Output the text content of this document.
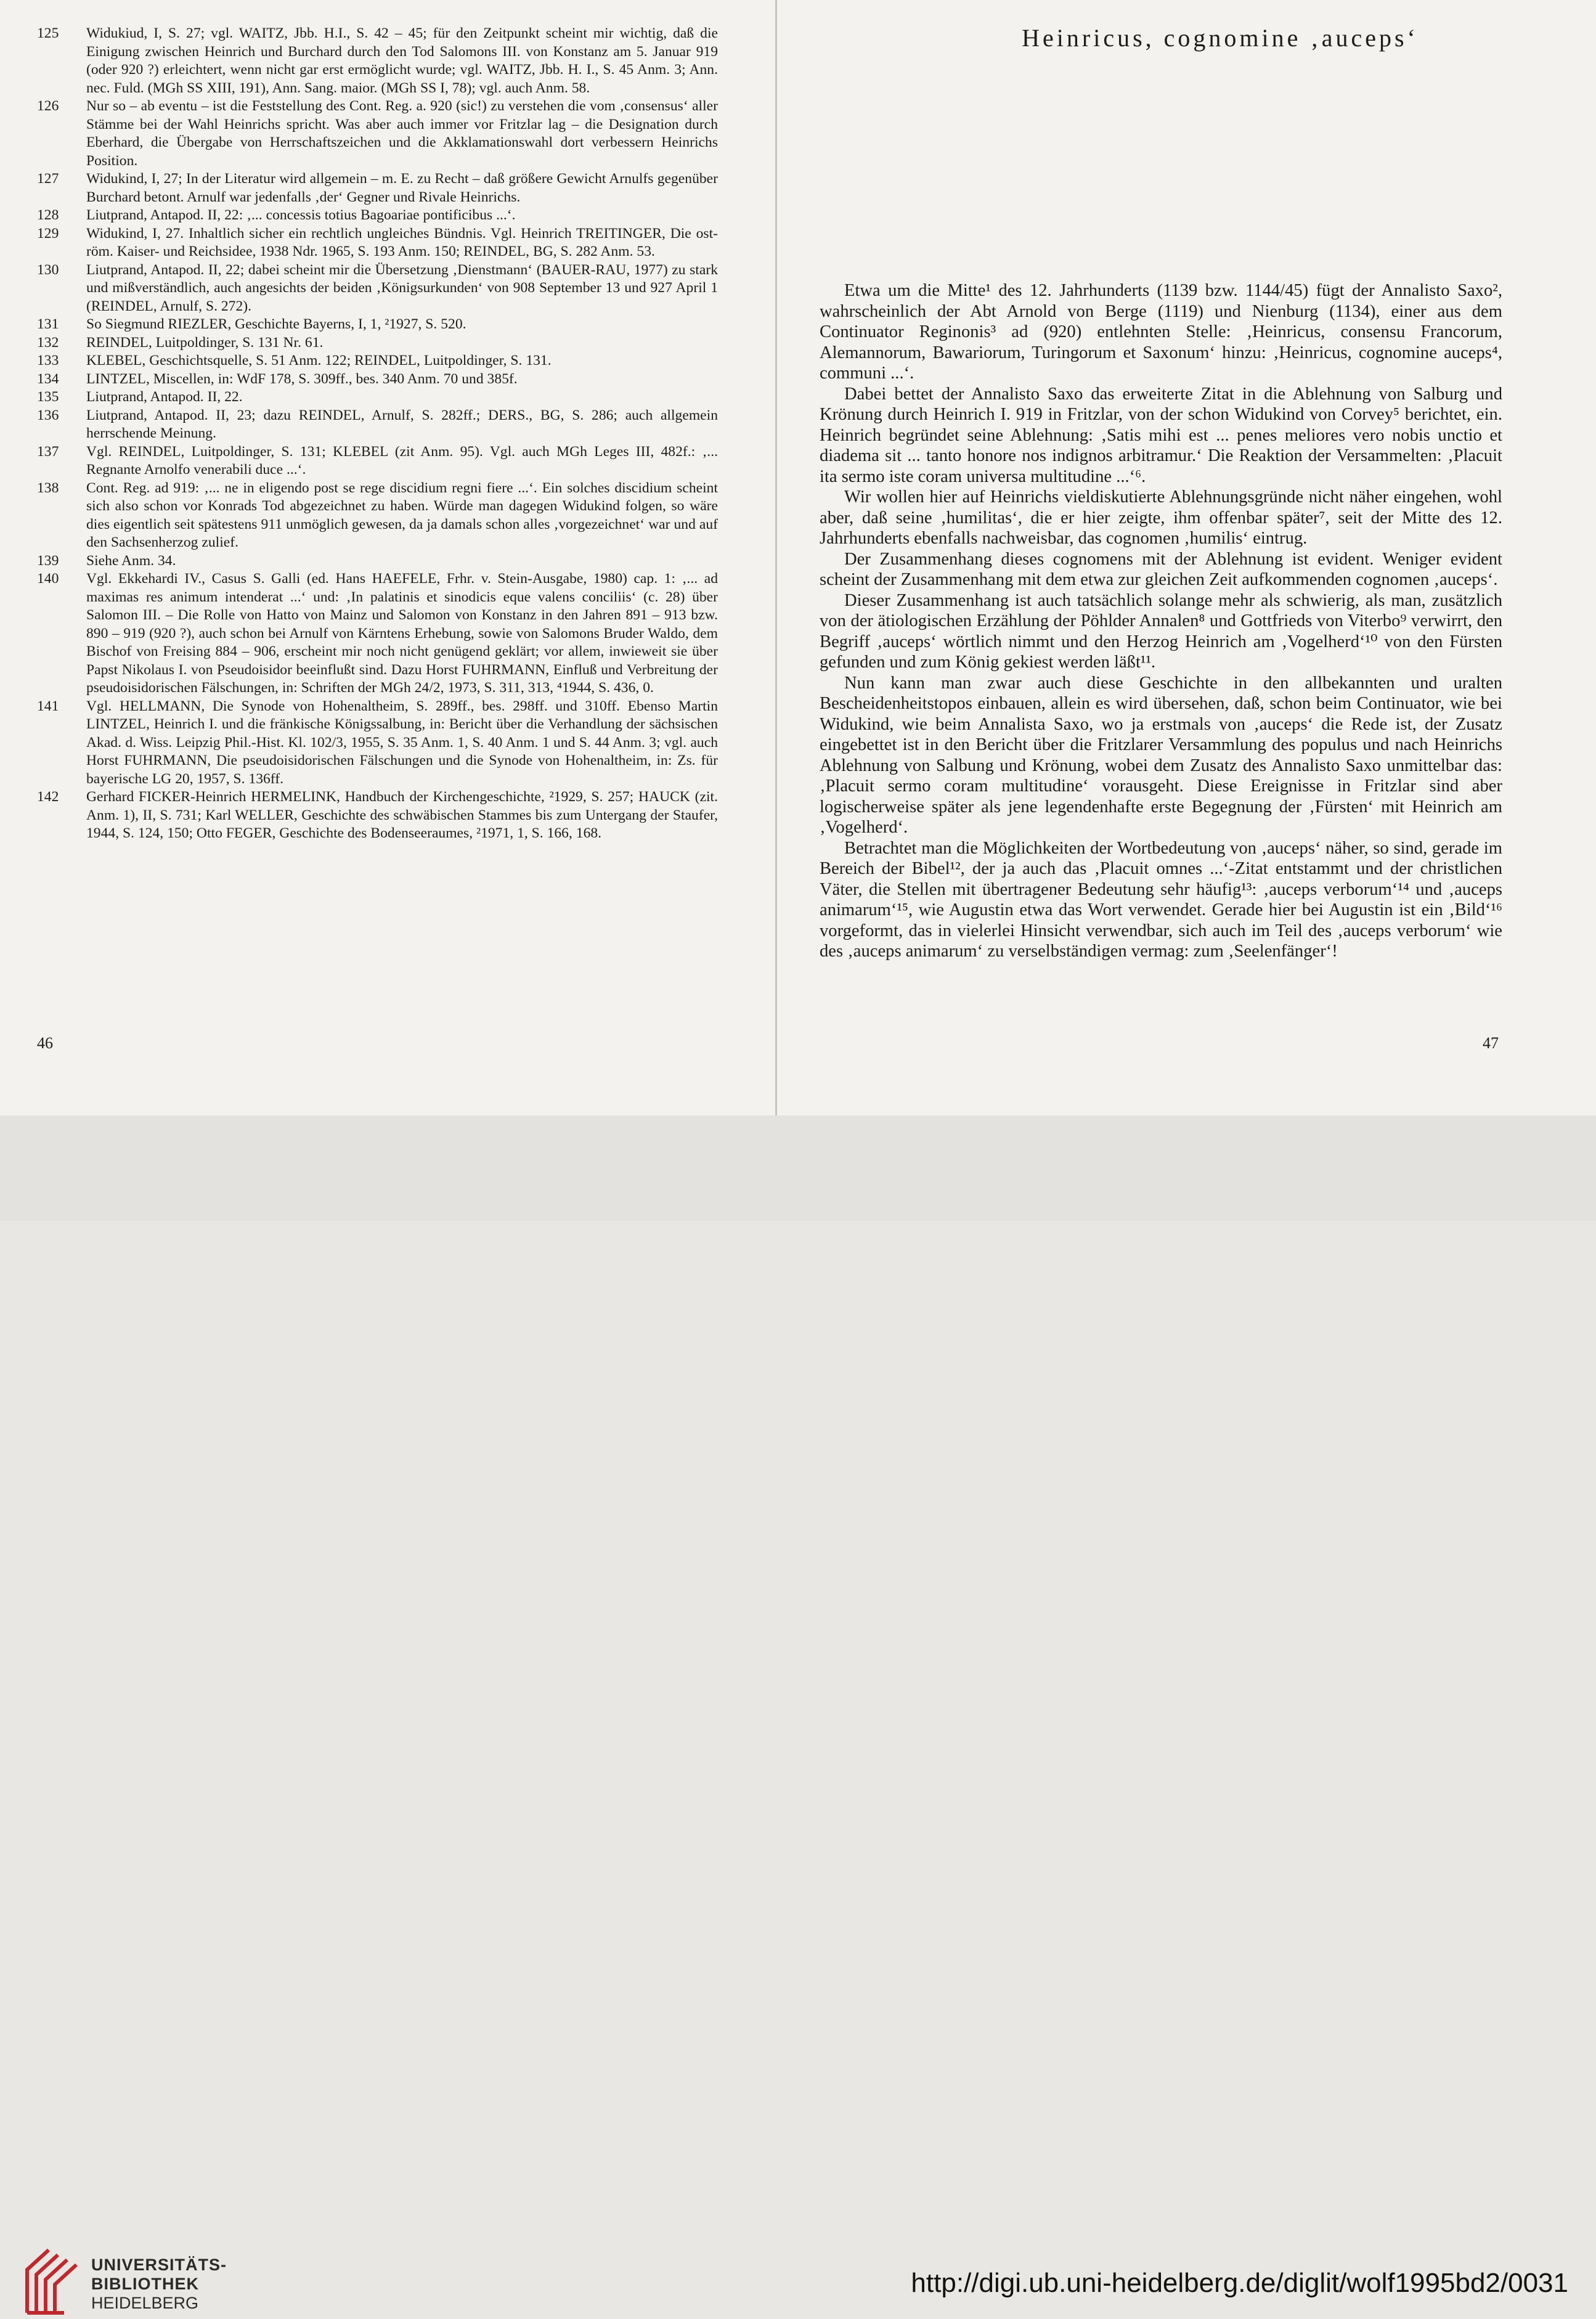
125	Widukiud, I, S. 27; vgl. WAITZ, Jbb. H.I., S. 42 – 45; für den Zeitpunkt scheint mir wichtig, daß die Einigung zwischen Heinrich und Burchard durch den Tod Salomons III. von Konstanz am 5. Januar 919 (oder 920 ?) erleichtert, wenn nicht gar erst ermöglicht wurde; vgl. WAITZ, Jbb. H. I., S. 45 Anm. 3; Ann. nec. Fuld. (MGh SS XIII, 191), Ann. Sang. maior. (MGh SS I, 78); vgl. auch Anm. 58.
126	Nur so – ab eventu – ist die Feststellung des Cont. Reg. a. 920 (sic!) zu verstehen die vom ‚consensus‘ aller Stämme bei der Wahl Heinrichs spricht. Was aber auch immer vor Fritzlar lag – die Designation durch Eberhard, die Übergabe von Herrschaftszeichen und die Akklamationswahl dort verbessern Heinrichs Position.
127	Widukind, I, 27; In der Literatur wird allgemein – m. E. zu Recht – daß größere Gewicht Arnulfs gegenüber Burchard betont. Arnulf war jedenfalls ‚der‘ Gegner und Rivale Heinrichs.
128	Liutprand, Antapod. II, 22: ‚... concessis totius Bagoariae pontificibus ...‘.
129	Widukind, I, 27. Inhaltlich sicher ein rechtlich ungleiches Bündnis. Vgl. Heinrich TREITINGER, Die ost-röm. Kaiser- und Reichsidee, 1938 Ndr. 1965, S. 193 Anm. 150; REINDEL, BG, S. 282 Anm. 53.
130	Liutprand, Antapod. II, 22; dabei scheint mir die Übersetzung ‚Dienstmann‘ (BAUER-RAU, 1977) zu stark und mißverständlich, auch angesichts der beiden ‚Königsurkunden‘ von 908 September 13 und 927 April 1 (REINDEL, Arnulf, S. 272).
131	So Siegmund RIEZLER, Geschichte Bayerns, I, 1, ²1927, S. 520.
132	REINDEL, Luitpoldinger, S. 131 Nr. 61.
133	KLEBEL, Geschichtsquelle, S. 51 Anm. 122; REINDEL, Luitpoldinger, S. 131.
134	LINTZEL, Miscellen, in: WdF 178, S. 309ff., bes. 340 Anm. 70 und 385f.
135	Liutprand, Antapod. II, 22.
136	Liutprand, Antapod. II, 23; dazu REINDEL, Arnulf, S. 282ff.; DERS., BG, S. 286; auch allgemein herrschende Meinung.
137	Vgl. REINDEL, Luitpoldinger, S. 131; KLEBEL (zit Anm. 95). Vgl. auch MGh Leges III, 482f.: ‚... Regnante Arnolfo venerabili duce ...‘.
138	Cont. Reg. ad 919: ‚... ne in eligendo post se rege discidium regni fiere ...‘. Ein solches discidium scheint sich also schon vor Konrads Tod abgezeichnet zu haben. Würde man dagegen Widukind folgen, so wäre dies eigentlich seit spätestens 911 unmöglich gewesen, da ja damals schon alles ‚vorgezeichnet‘ war und auf den Sachsenherzog zulief.
139	Siehe Anm. 34.
140	Vgl. Ekkehardi IV., Casus S. Galli (ed. Hans HAEFELE, Frhr. v. Stein-Ausgabe, 1980) cap. 1: ‚... ad maximas res animum intenderat ...‘ und: ‚In palatinis et sinodicis eque valens conciliis‘ (c. 28) über Salomon III. – Die Rolle von Hatto von Mainz und Salomon von Konstanz in den Jahren 891 – 913 bzw. 890 – 919 (920 ?), auch schon bei Arnulf von Kärntens Erhebung, sowie von Salomons Bruder Waldo, dem Bischof von Freising 884 – 906, erscheint mir noch nicht genügend geklärt; vor allem, inwieweit sie über Papst Nikolaus I. von Pseudoisidor beeinflußt sind. Dazu Horst FUHRMANN, Einfluß und Verbreitung der pseudoisidorischen Fälschungen, in: Schriften der MGh 24/2, 1973, S. 311, 313, ⁴1944, S. 436, 0.
141	Vgl. HELLMANN, Die Synode von Hohenaltheim, S. 289ff., bes. 298ff. und 310ff. Ebenso Martin LINTZEL, Heinrich I. und die fränkische Königssalbung, in: Bericht über die Verhandlung der sächsischen Akad. d. Wiss. Leipzig Phil.-Hist. Kl. 102/3, 1955, S. 35 Anm. 1, S. 40 Anm. 1 und S. 44 Anm. 3; vgl. auch Horst FUHRMANN, Die pseudoisidorischen Fälschungen und die Synode von Hohenaltheim, in: Zs. für bayerische LG 20, 1957, S. 136ff.
142	Gerhard FICKER-Heinrich HERMELINK, Handbuch der Kirchengeschichte, ²1929, S. 257; HAUCK (zit. Anm. 1), II, S. 731; Karl WELLER, Geschichte des schwäbischen Stammes bis zum Untergang der Staufer, 1944, S. 124, 150; Otto FEGER, Geschichte des Bodenseeraumes, ²1971, 1, S. 166, 168.
46
Heinricus, cognomine ‚auceps‘

Etwa um die Mitte¹ des 12. Jahrhunderts (1139 bzw. 1144/45) fügt der Annalisto Saxo², wahrscheinlich der Abt Arnold von Berge (1119) und Nienburg (1134), einer aus dem Continuator Reginonis³ ad (920) entlehnten Stelle: ‚Heinricus, consensu Francorum, Alemannorum, Bawariorum, Turingorum et Saxonum‘ hinzu: ‚Heinricus, cognomine auceps⁴, communi ...‘.

Dabei bettet der Annalisto Saxo das erweiterte Zitat in die Ablehnung von Salburg und Krönung durch Heinrich I. 919 in Fritzlar, von der schon Widukind von Corvey⁵ berichtet, ein. Heinrich begründet seine Ablehnung: ‚Satis mihi est ... penes meliores vero nobis unctio et diadema sit ... tanto honore nos indignos arbitramur.‘ Die Reaktion der Versammelten: ‚Placuit ita sermo iste coram universa multitudine ...‘⁶.

Wir wollen hier auf Heinrichs vieldiskutierte Ablehnungsgründe nicht näher eingehen, wohl aber, daß seine ‚humilitas‘, die er hier zeigte, ihm offenbar später⁷, seit der Mitte des 12. Jahrhunderts ebenfalls nachweisbar, das cognomen ‚humilis‘ eintrug.

Der Zusammenhang dieses cognomens mit der Ablehnung ist evident. Weniger evident scheint der Zusammenhang mit dem etwa zur gleichen Zeit aufkommenden cognomen ‚auceps‘.

Dieser Zusammenhang ist auch tatsächlich solange mehr als schwierig, als man, zusätzlich von der ätiologischen Erzählung der Pöhlder Annalen⁸ und Gottfrieds von Viterbo⁹ verwirrt, den Begriff ‚auceps‘ wörtlich nimmt und den Herzog Heinrich am ‚Vogelherd‘¹⁰ von den Fürsten gefunden und zum König gekiest werden läßt¹¹.

Nun kann man zwar auch diese Geschichte in den allbekannten und uralten Bescheidenheitstopos einbauen, allein es wird übersehen, daß, schon beim Continuator, wie bei Widukind, wie beim Annalista Saxo, wo ja erstmals von ‚auceps‘ die Rede ist, der Zusatz eingebettet ist in den Bericht über die Fritzlarer Versammlung des populus und nach Heinrichs Ablehnung von Salbung und Krönung, wobei dem Zusatz des Annalisto Saxo unmittelbar das: ‚Placuit sermo coram multitudine‘ vorausgeht. Diese Ereignisse in Fritzlar sind aber logischerweise später als jene legendenhafte erste Begegnung der ‚Fürsten‘ mit Heinrich am ‚Vogelherd‘.

Betrachtet man die Möglichkeiten der Wortbedeutung von ‚auceps‘ näher, so sind, gerade im Bereich der Bibel¹², der ja auch das ‚Placuit omnes ...‘-Zitat entstammt und der christlichen Väter, die Stellen mit übertragener Bedeutung sehr häufig¹³: ‚auceps verborum‘¹⁴ und ‚auceps animarum‘¹⁵, wie Augustin etwa das Wort verwendet. Gerade hier bei Augustin ist ein ‚Bild‘¹⁶ vorgeformt, das in vielerlei Hinsicht verwendbar, sich auch im Teil des ‚auceps verborum‘ wie des ‚auceps animarum‘ zu verselbständigen vermag: zum ‚Seelenfänger‘!

47
UNIVERSITÄTS-
BIBLIOTHEK
HEIDELBERG
http://digi.ub.uni-heidelberg.de/diglit/wolf1995bd2/0031
